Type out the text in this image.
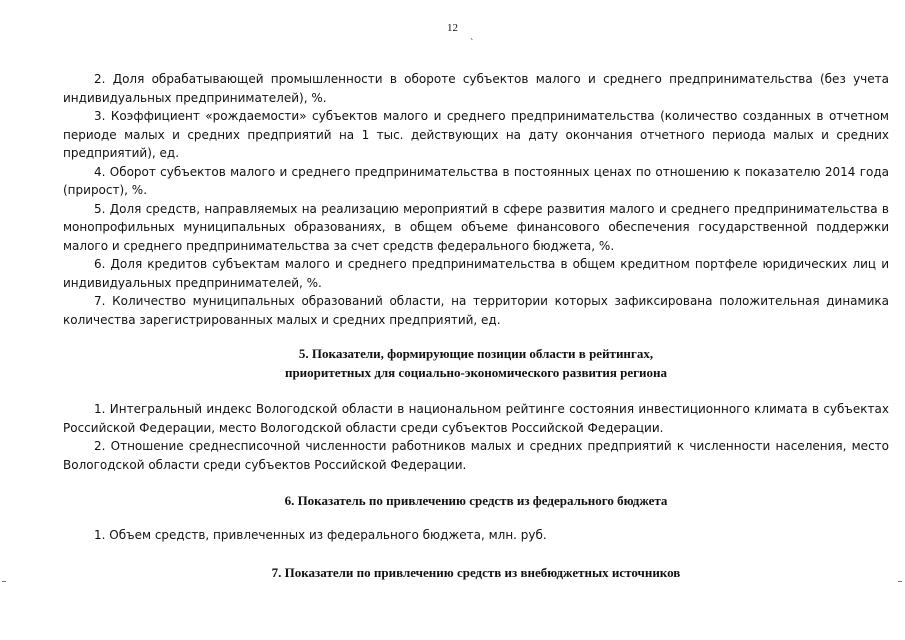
12
`

2. Доля обрабатывающей промышленности в обороте субъектов малого и среднего предпринимательства (без учета индивидуальных предпринимателей), %.

3. Коэффициент «рождаемости» субъектов малого и среднего предпринимательства (количество созданных в отчетном периоде малых и средних предприятий на 1 тыс. действующих на дату окончания отчетного периода малых и средних предприятий), ед.

4. Оборот субъектов малого и среднего предпринимательства в постоянных ценах по отношению к показателю 2014 года (прирост), %.

5. Доля средств, направляемых на реализацию мероприятий в сфере развития малого и среднего предпринимательства в монопрофильных муниципальных образованиях, в общем объеме финансового обеспечения государственной поддержки малого и среднего предпринимательства за счет средств федерального бюджета, %.

6. Доля кредитов субъектам малого и среднего предпринимательства в общем кредитном портфеле юридических лиц и индивидуальных предпринимателей, %.

7. Количество муниципальных образований области, на территории которых зафиксирована положительная динамика количества зарегистрированных малых и средних предприятий, ед.

5. Показатели, формирующие позиции области в рейтингах,
приоритетных для социально-экономического развития региона

1. Интегральный индекс Вологодской области в национальном рейтинге состояния инвестиционного климата в субъектах Российской Федерации, место Вологодской области среди субъектов Российской Федерации.

2. Отношение среднесписочной численности работников малых и средних предприятий к численности населения, место Вологодской области среди субъектов Российской Федерации.

6. Показатель по привлечению средств из федерального бюджета

1. Объем средств, привлеченных из федерального бюджета, млн. руб.

7. Показатели по привлечению средств из внебюджетных источников
